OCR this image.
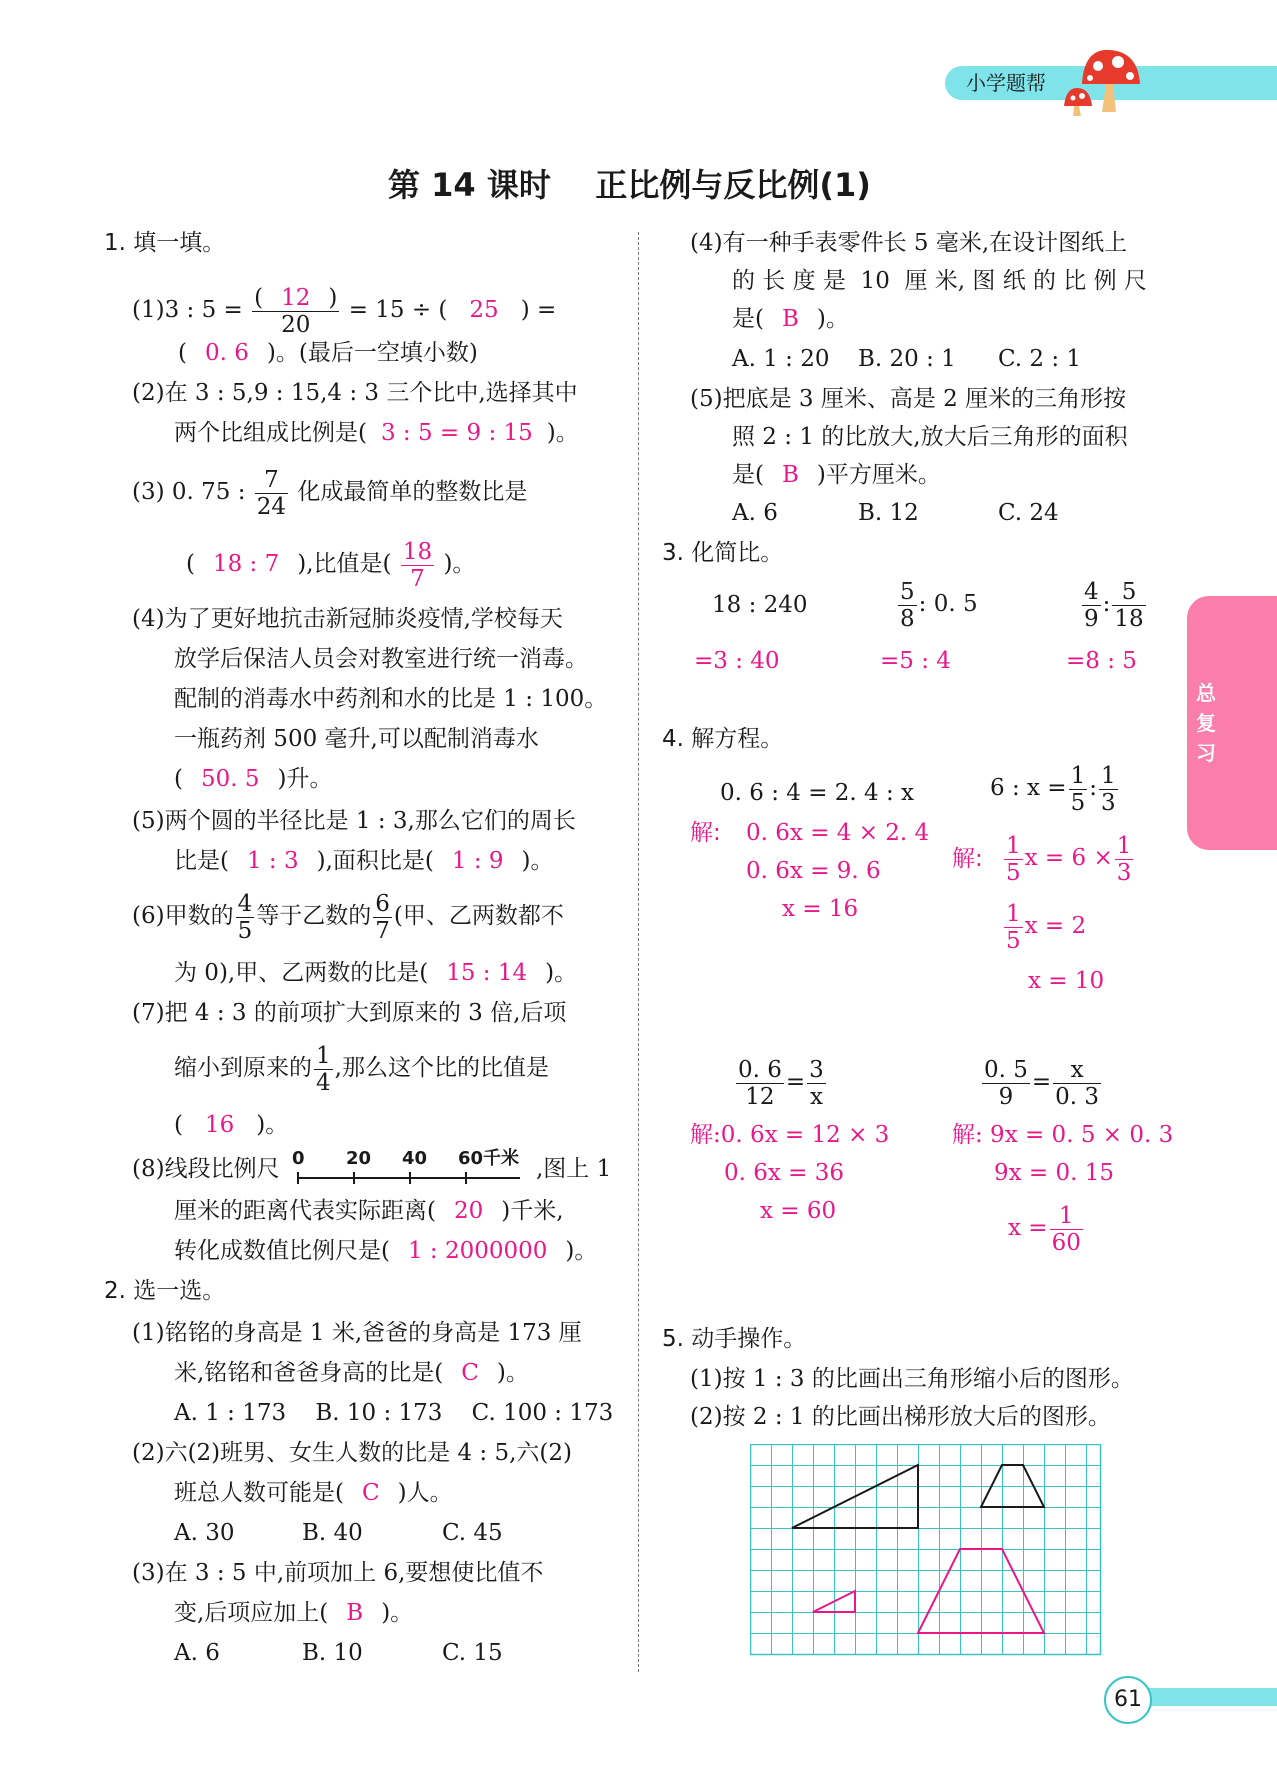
小学题帮
总
复
习
61
第 14 课时    正比例与反比例(1)
1. 填一填。
(1)3 : $5 = \frac{( 12 )}{20} = 15$ ÷ ( 25 ) =
( 0. 6 )。(最后一空填小数)
(2)在 3 : 5,9 : 15,4 : 3 三个比中,选择其中
两个比组成比例是( 3 : 5 = 9 : 15 )。
(3) 0. 75 : $\frac{7}{24}$ 化成最简单的整数比是
( 18 : 7 ),比值是( $\frac{18}{7}$ )。
(4)为了更好地抗击新冠肺炎疫情,学校每天
放学后保洁人员会对教室进行统一消毒。
配制的消毒水中药剂和水的比是 1 : 100。
一瓶药剂 500 毫升,可以配制消毒水
( 50. 5 )升。
(5)两个圆的半径比是 1 : 3,那么它们的周长
比是( 1 : 3 ),面积比是( 1 : 9 )。
(6)甲数的 $\frac{4}{5}$ 等于乙数的 $\frac{6}{7}$ (甲、乙两数都不
为 0),甲、乙两数的比是( 15 : 14 )。
(7)把 4 : 3 的前项扩大到原来的 3 倍,后项
缩小到原来的 $\frac{1}{4}$ ,那么这个比的比值是
( 16 )。
(8)线段比例尺 0 20 40 60千米 ,图上 1
厘米的距离代表实际距离( 20 )千米,
转化成数值比例尺是( 1 : 2000000 )。
2. 选一选。
(1)铭铭的身高是 1 米,爸爸的身高是 173 厘
米,铭铭和爸爸身高的比是( C )。
A. 1 : 173    B. 10 : 173    C. 100 : 173
(2)六(2)班男、女生人数的比是 4 : 5,六(2)
班总人数可能是( C )人。
A. 30	B. 40	C. 45
(3)在 3 : 5 中,前项加上 6,要想使比值不
变,后项应加上( B )。
A. 6	B. 10	C. 15
(4)有一种手表零件长 5 毫米,在设计图纸上
的 长 度 是  10  厘 米, 图 纸 的 比 例 尺
是( B )。
A. 1 : 20 B. 20 : 1 C. 2 : 1
(5)把底是 3 厘米、高是 2 厘米的三角形按
照 2 : 1 的比放大,放大后三角形的面积
是( B )平方厘米。
A. 6	B. 12	C. 24
3. 化简比。
18 : 240	$\frac{5}{8}$ : 0. 5	$\frac{4}{9}$ : $\frac{5}{18}$
=3 : 40	=5 : 4	=8 : 5
4. 解方程。
0. 6 : 4 = 2. 4 : x
解: 0. 6x = 4 × 2. 4
0. 6x = 9. 6
x = 16
6 : $x = \frac{1}{5}$ : $\frac{1}{3}$
解: $\frac{1}{5}$ $x = 6 \times \frac{1}{3}$
$\frac{1}{5}$ x = 2
x = 10
$\frac{0. 6}{12} = \frac{3}{x}$
解:0. 6x = 12 × 3
0. 6x = 36
x = 60
$\frac{0. 5}{9} = \frac{x}{0. 3}$
解: 9x = 0. 5 × 0. 3
9x = 0. 15
$x = \frac{1}{60}$
5. 动手操作。
(1)按 1 : 3 的比画出三角形缩小后的图形。
(2)按 2 : 1 的比画出梯形放大后的图形。
